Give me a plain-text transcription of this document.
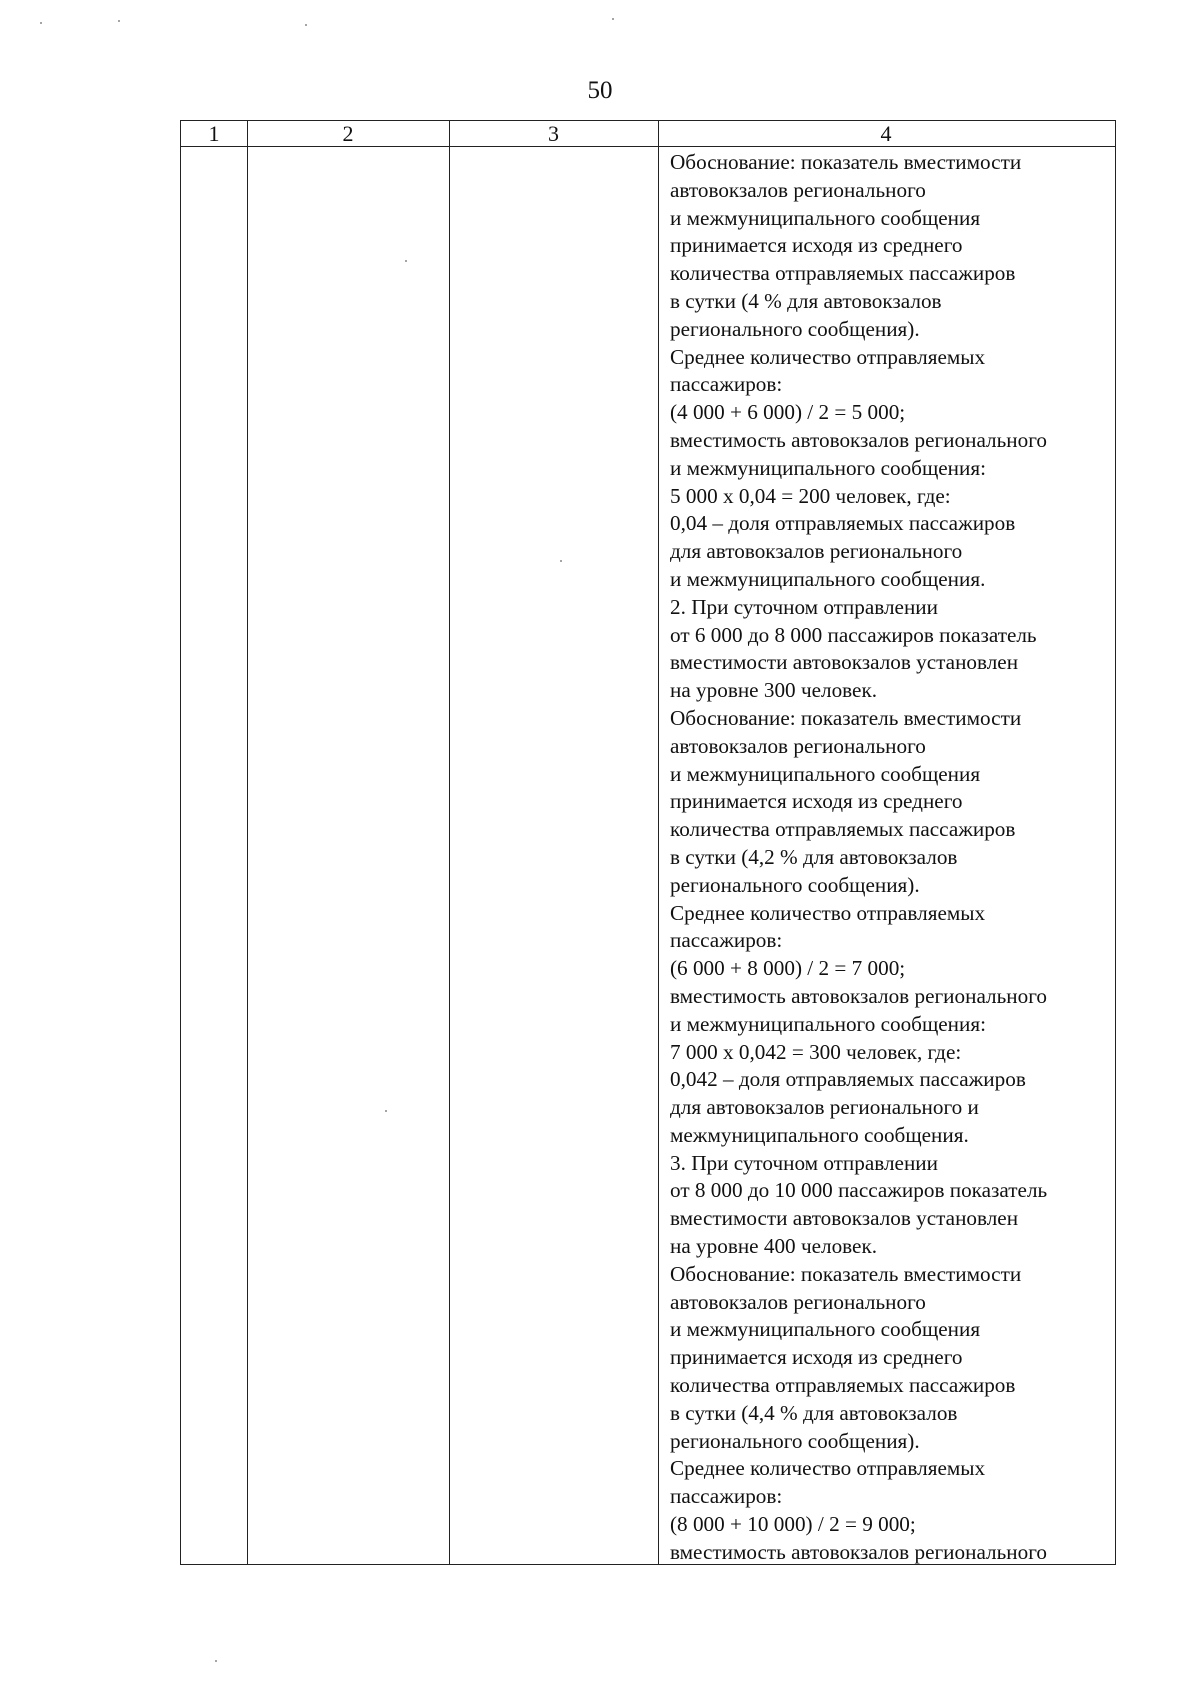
50
1	2	3	4
Обоснование: показатель вместимости
автовокзалов регионального
и межмуниципального сообщения
принимается исходя из среднего
количества отправляемых пассажиров
в сутки (4 % для автовокзалов
регионального сообщения).
Среднее количество отправляемых
пассажиров:
(4 000 + 6 000) / 2 = 5 000;
вместимость автовокзалов регионального
и межмуниципального сообщения:
5 000 х 0,04 = 200 человек, где:
0,04 – доля отправляемых пассажиров
для автовокзалов регионального
и межмуниципального сообщения.
2. При суточном отправлении
от 6 000 до 8 000 пассажиров показатель
вместимости автовокзалов установлен
на уровне 300 человек.
Обоснование: показатель вместимости
автовокзалов регионального
и межмуниципального сообщения
принимается исходя из среднего
количества отправляемых пассажиров
в сутки (4,2 % для автовокзалов
регионального сообщения).
Среднее количество отправляемых
пассажиров:
(6 000 + 8 000) / 2 = 7 000;
вместимость автовокзалов регионального
и межмуниципального сообщения:
7 000 х 0,042 = 300 человек, где:
0,042 – доля отправляемых пассажиров
для автовокзалов регионального и
межмуниципального сообщения.
3. При суточном отправлении
от 8 000 до 10 000 пассажиров показатель
вместимости автовокзалов установлен
на уровне 400 человек.
Обоснование: показатель вместимости
автовокзалов регионального
и межмуниципального сообщения
принимается исходя из среднего
количества отправляемых пассажиров
в сутки (4,4 % для автовокзалов
регионального сообщения).
Среднее количество отправляемых
пассажиров:
(8 000 + 10 000) / 2 = 9 000;
вместимость автовокзалов регионального
